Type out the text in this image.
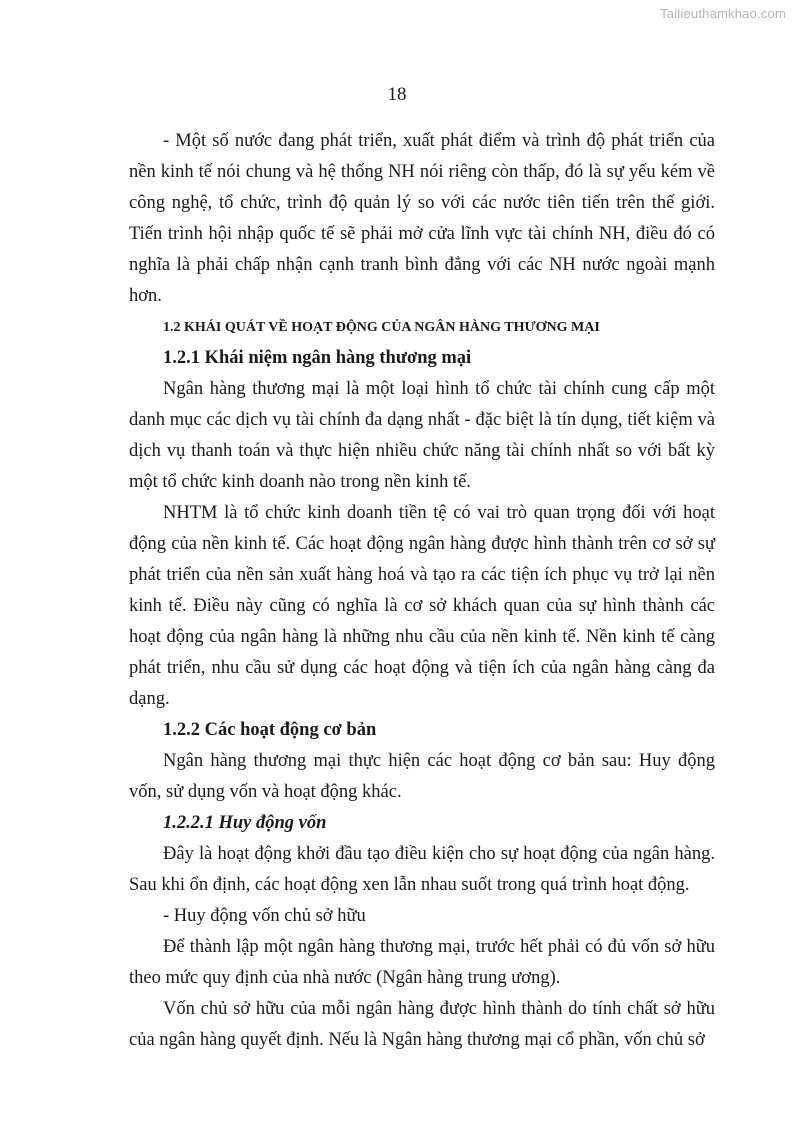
Tailieuthamkhao.com
18

- Một số nước đang phát triển, xuất phát điểm và trình độ phát triển của nền kinh tế nói chung và hệ thống NH nói riêng còn thấp, đó là sự yếu kém về công nghệ, tổ chức, trình độ quản lý so với các nước tiên tiến trên thế giới. Tiến trình hội nhập quốc tế sẽ phải mở cửa lĩnh vực tài chính NH, điều đó có nghĩa là phải chấp nhận cạnh tranh bình đẳng với các NH nước ngoài mạnh hơn.

1.2 KHÁI QUÁT VỀ HOẠT ĐỘNG CỦA NGÂN HÀNG THƯƠNG MẠI

1.2.1 Khái niệm ngân hàng thương mại

Ngân hàng thương mại là một loại hình tổ chức tài chính cung cấp một danh mục các dịch vụ tài chính đa dạng nhất - đặc biệt là tín dụng, tiết kiệm và dịch vụ thanh toán và thực hiện nhiều chức năng tài chính nhất so với bất kỳ một tổ chức kinh doanh nào trong nền kinh tế.

NHTM là tổ chức kinh doanh tiền tệ có vai trò quan trọng đối với hoạt động của nền kinh tế. Các hoạt động ngân hàng được hình thành trên cơ sở sự phát triển của nền sản xuất hàng hoá và tạo ra các tiện ích phục vụ trở lại nền kinh tế. Điều này cũng có nghĩa là cơ sở khách quan của sự hình thành các hoạt động của ngân hàng là những nhu cầu của nền kinh tế. Nền kinh tế càng phát triển, nhu cầu sử dụng các hoạt động và tiện ích của ngân hàng càng đa dạng.

1.2.2 Các hoạt động cơ bản

Ngân hàng thương mại thực hiện các hoạt động cơ bản sau: Huy động vốn, sử dụng vốn và hoạt động khác.

1.2.2.1 Huy động vốn

Đây là hoạt động khởi đầu tạo điều kiện cho sự hoạt động của ngân hàng. Sau khi ổn định, các hoạt động xen lẫn nhau suốt trong quá trình hoạt động.

- Huy động vốn chủ sở hữu

Để thành lập một ngân hàng thương mại, trước hết phải có đủ vốn sở hữu theo mức quy định của nhà nước (Ngân hàng trung ương).

Vốn chủ sở hữu của mỗi ngân hàng được hình thành do tính chất sở hữu của ngân hàng quyết định. Nếu là Ngân hàng thương mại cổ phần, vốn chủ sở
